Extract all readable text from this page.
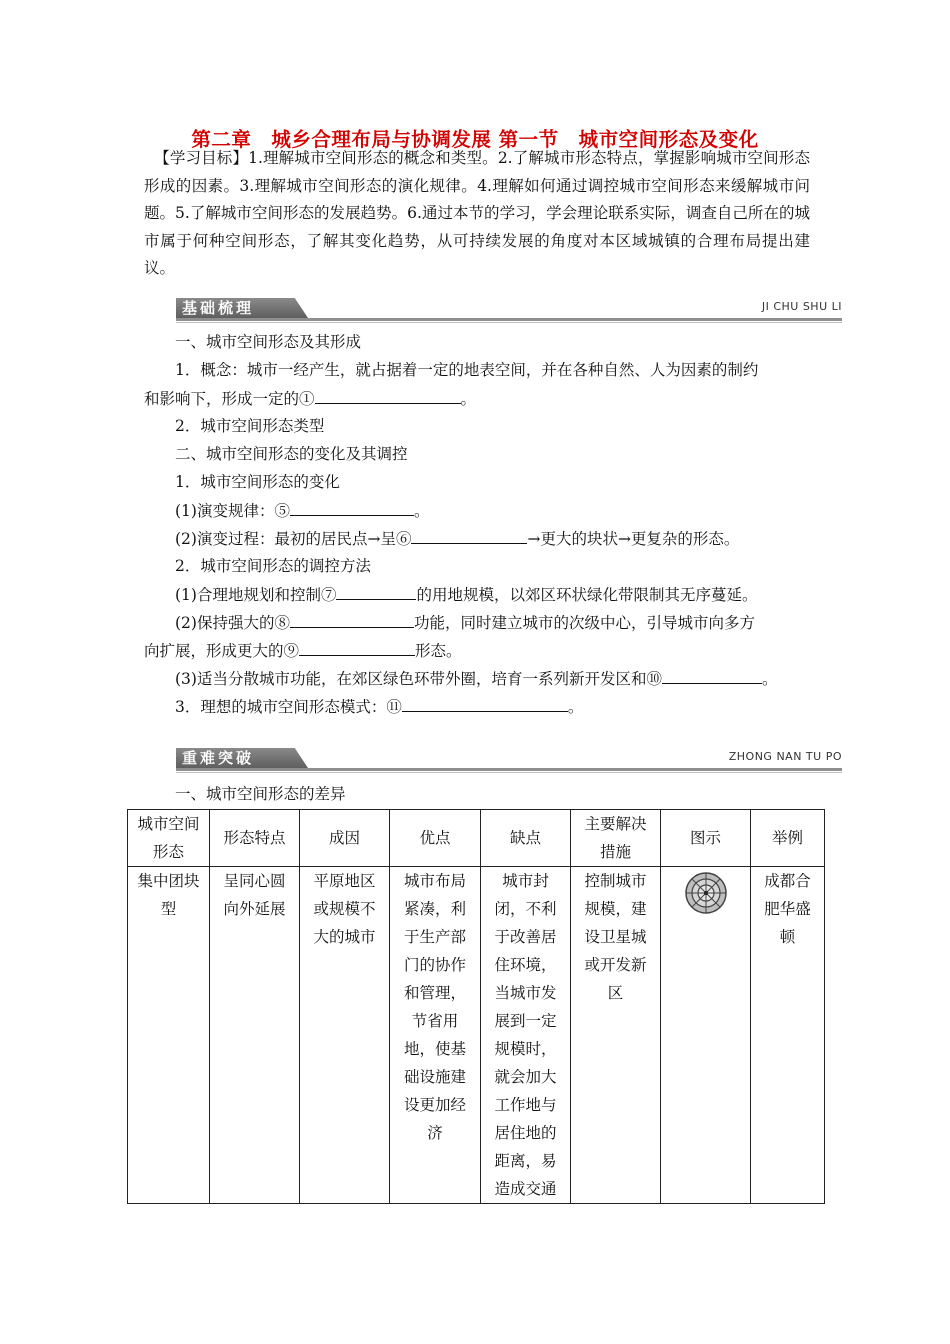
第二章　城乡合理布局与协调发展 第一节　城市空间形态及变化
【学习目标】1.理解城市空间形态的概念和类型。2.了解城市形态特点，掌握影响城市空间形态形成的因素。3.理解城市空间形态的演化规律。4.理解如何通过调控城市空间形态来缓解城市问题。5.了解城市空间形态的发展趋势。6.通过本节的学习，学会理论联系实际，调查自己所在的城市属于何种空间形态，了解其变化趋势，从可持续发展的角度对本区域城镇的合理布局提出建议。
基础梳理	JI CHU SHU LI
一、城市空间形态及其形成
1．概念：城市一经产生，就占据着一定的地表空间，并在各种自然、人为因素的制约
和影响下，形成一定的①	。
2．城市空间形态类型
二、城市空间形态的变化及其调控
1．城市空间形态的变化
(1)演变规律：⑤	。
(2)演变过程：最初的居民点→呈⑥	→更大的块状→更复杂的形态。
2．城市空间形态的调控方法
(1)合理地规划和控制⑦	的用地规模，以郊区环状绿化带限制其无序蔓延。
(2)保持强大的⑧	功能，同时建立城市的次级中心，引导城市向多方
向扩展，形成更大的⑨	形态。
(3)适当分散城市功能，在郊区绿色环带外圈，培育一系列新开发区和⑩	。
3．理想的城市空间形态模式：⑪	。
重难突破	ZHONG NAN TU PO
一、城市空间形态的差异
城市空间形态	形态特点	成因	优点	缺点	主要解决措施	图示	举例
集中团块型	呈同心圆向外延展	平原地区或规模不大的城市	城市布局紧凑，利于生产部门的协作和管理，节省用地，使基础设施建设更加经济	城市封闭，不利于改善居住环境，当城市发展到一定规模时，就会加大工作地与居住地的距离，易造成交通	控制城市规模，建设卫星城或开发新区		成都合肥华盛顿
